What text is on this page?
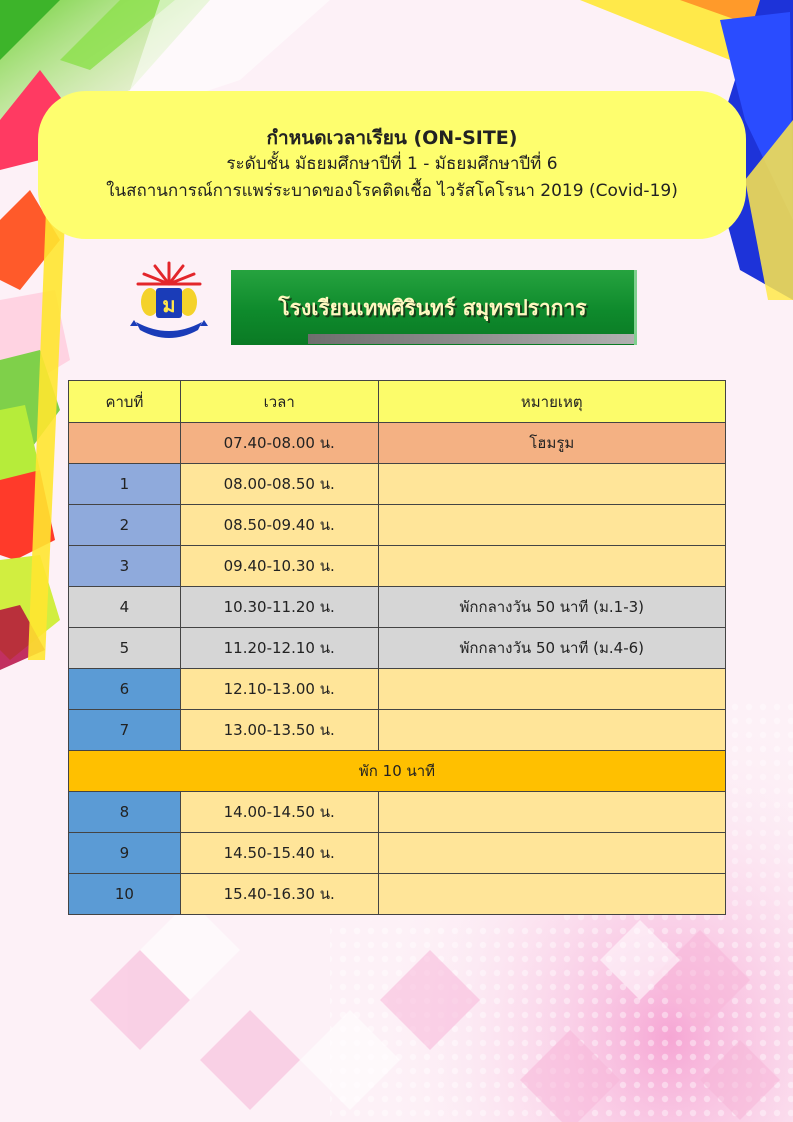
กำหนดเวลาเรียน (ON-SITE)
ระดับชั้น มัธยมศึกษาปีที่ 1 - มัธยมศึกษาปีที่ 6
ในสถานการณ์การแพร่ระบาดของโรคติดเชื้อ ไวรัสโคโรนา 2019 (Covid-19)
ม	โรงเรียนเทพศิรินทร์ สมุทรปราการ
คาบที่	เวลา	หมายเหตุ
	07.40-08.00 น.	โฮมรูม
1	08.00-08.50 น.	
2	08.50-09.40 น.	
3	09.40-10.30 น.	
4	10.30-11.20 น.	พักกลางวัน 50 นาที (ม.1-3)
5	11.20-12.10 น.	พักกลางวัน 50 นาที (ม.4-6)
6	12.10-13.00 น.	
7	13.00-13.50 น.	
พัก 10 นาที		
8	14.00-14.50 น.	
9	14.50-15.40 น.	
10	15.40-16.30 น.	
